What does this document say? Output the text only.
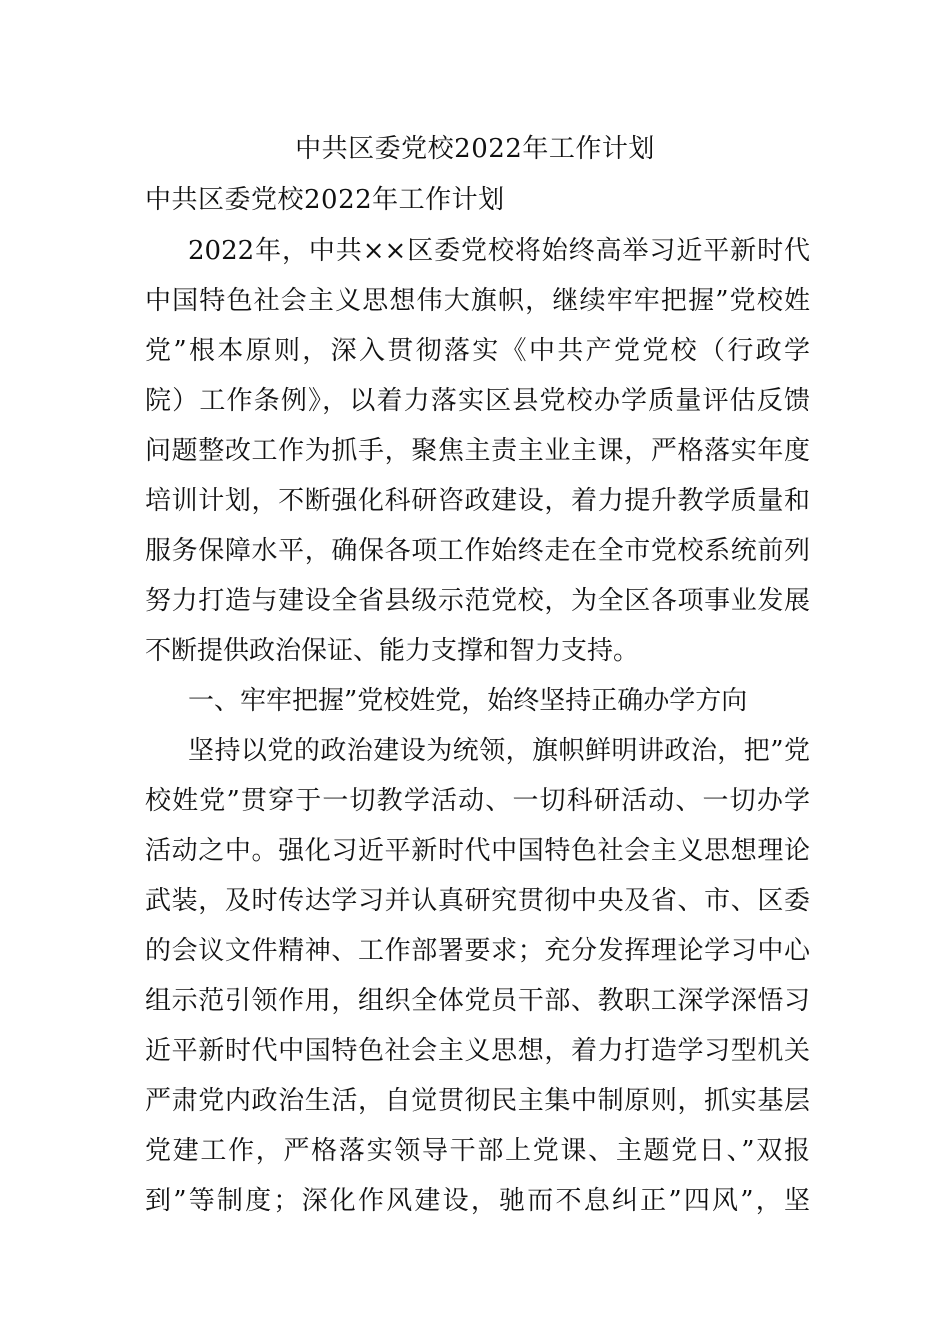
中共区委党校2022年工作计划
中共区委党校2022年工作计划
2022年，中共××区委党校将始终高举习近平新时代
中国特色社会主义思想伟大旗帜，继续牢牢把握”党校姓
党”根本原则，深入贯彻落实《中共产党党校（行政学
院）工作条例》，以着力落实区县党校办学质量评估反馈
问题整改工作为抓手，聚焦主责主业主课，严格落实年度
培训计划，不断强化科研咨政建设，着力提升教学质量和
服务保障水平，确保各项工作始终走在全市党校系统前列
努力打造与建设全省县级示范党校，为全区各项事业发展
不断提供政治保证、能力支撑和智力支持。
一、牢牢把握”党校姓党，始终坚持正确办学方向
坚持以党的政治建设为统领，旗帜鲜明讲政治，把”党
校姓党”贯穿于一切教学活动、一切科研活动、一切办学
活动之中。强化习近平新时代中国特色社会主义思想理论
武装，及时传达学习并认真研究贯彻中央及省、市、区委
的会议文件精神、工作部署要求；充分发挥理论学习中心
组示范引领作用，组织全体党员干部、教职工深学深悟习
近平新时代中国特色社会主义思想，着力打造学习型机关
严肃党内政治生活，自觉贯彻民主集中制原则，抓实基层
党建工作，严格落实领导干部上党课、主题党日、”双报
到”等制度；深化作风建设，驰而不息纠正”四风”，坚
